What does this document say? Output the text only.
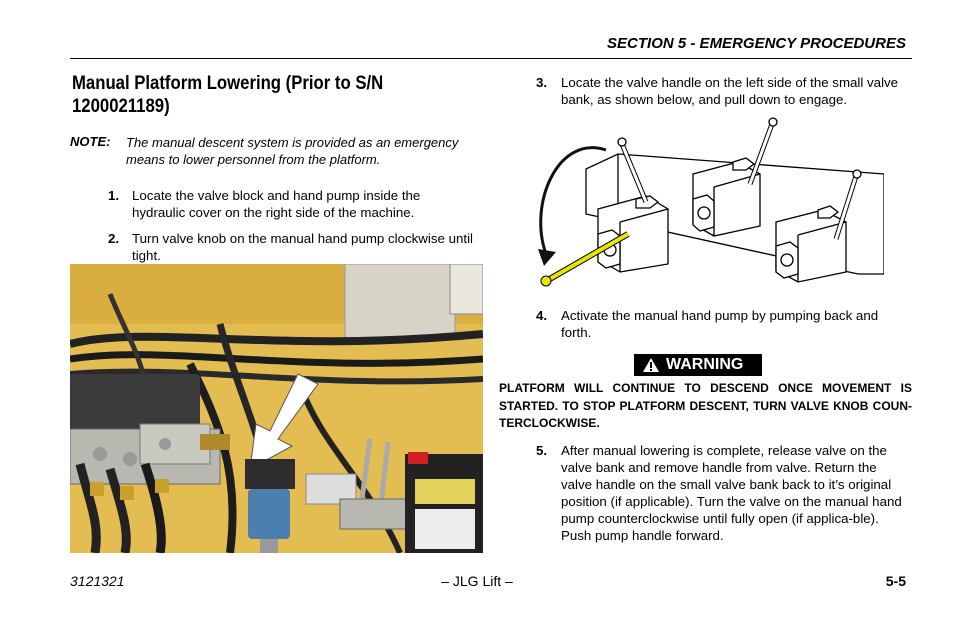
SECTION 5 - EMERGENCY PROCEDURES
Manual Platform Lowering (Prior to S/N 1200021189)
NOTE: The manual descent system is provided as an emergency means to lower personnel from the platform.
1. Locate the valve block and hand pump inside the hydraulic cover on the right side of the machine.
2. Turn valve knob on the manual hand pump clockwise until tight.
3. Locate the valve handle on the left side of the small valve bank, as shown below, and pull down to engage.
4. Activate the manual hand pump by pumping back and forth.
WARNING
PLATFORM WILL CONTINUE TO DESCEND ONCE MOVEMENT IS STARTED. TO STOP PLATFORM DESCENT, TURN VALVE KNOB COUN-TERCLOCKWISE.
5. After manual lowering is complete, release valve on the valve bank and remove handle from valve. Return the valve handle on the small valve bank back to it’s original position (if applicable). Turn the valve on the manual hand pump counterclockwise until fully open (if applica-ble). Push pump handle forward.
3121321	– JLG Lift –	5-5
